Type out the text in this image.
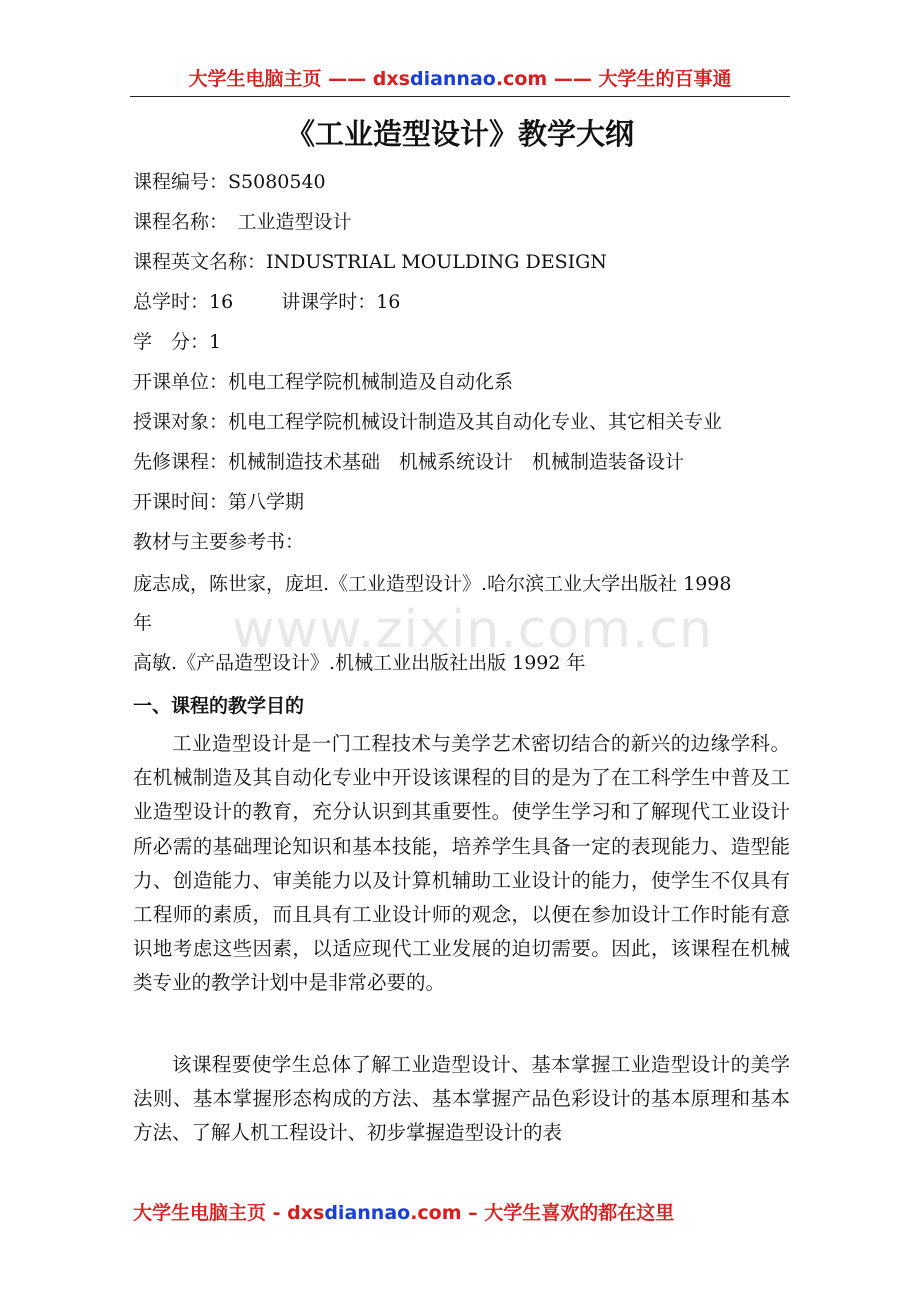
大学生电脑主页 —— dxsdiannao.com —— 大学生的百事通
《工业造型设计》教学大纲
课程编号：S5080540
课程名称：　工业造型设计
课程英文名称：INDUSTRIAL MOULDING DESIGN
总学时：16	讲课学时：16
学　分：1
开课单位：机电工程学院机械制造及自动化系
授课对象：机电工程学院机械设计制造及其自动化专业、其它相关专业
先修课程：机械制造技术基础　机械系统设计　机械制造装备设计
开课时间：第八学期
教材与主要参考书：
庞志成，陈世家，庞坦.《工业造型设计》.哈尔滨工业大学出版社 1998
年
高敏.《产品造型设计》.机械工业出版社出版 1992 年
www.zixin.com.cn
一、课程的教学目的
工业造型设计是一门工程技术与美学艺术密切结合的新兴的边缘学科。在机械制造及其自动化专业中开设该课程的目的是为了在工科学生中普及工业造型设计的教育，充分认识到其重要性。使学生学习和了解现代工业设计所必需的基础理论知识和基本技能，培养学生具备一定的表现能力、造型能力、创造能力、审美能力以及计算机辅助工业设计的能力，使学生不仅具有工程师的素质，而且具有工业设计师的观念，以便在参加设计工作时能有意识地考虑这些因素，以适应现代工业发展的迫切需要。因此，该课程在机械类专业的教学计划中是非常必要的。
该课程要使学生总体了解工业造型设计、基本掌握工业造型设计的美学法则、基本掌握形态构成的方法、基本掌握产品色彩设计的基本原理和基本方法、了解人机工程设计、初步掌握造型设计的表
大学生电脑主页 - dxsdiannao.com – 大学生喜欢的都在这里
